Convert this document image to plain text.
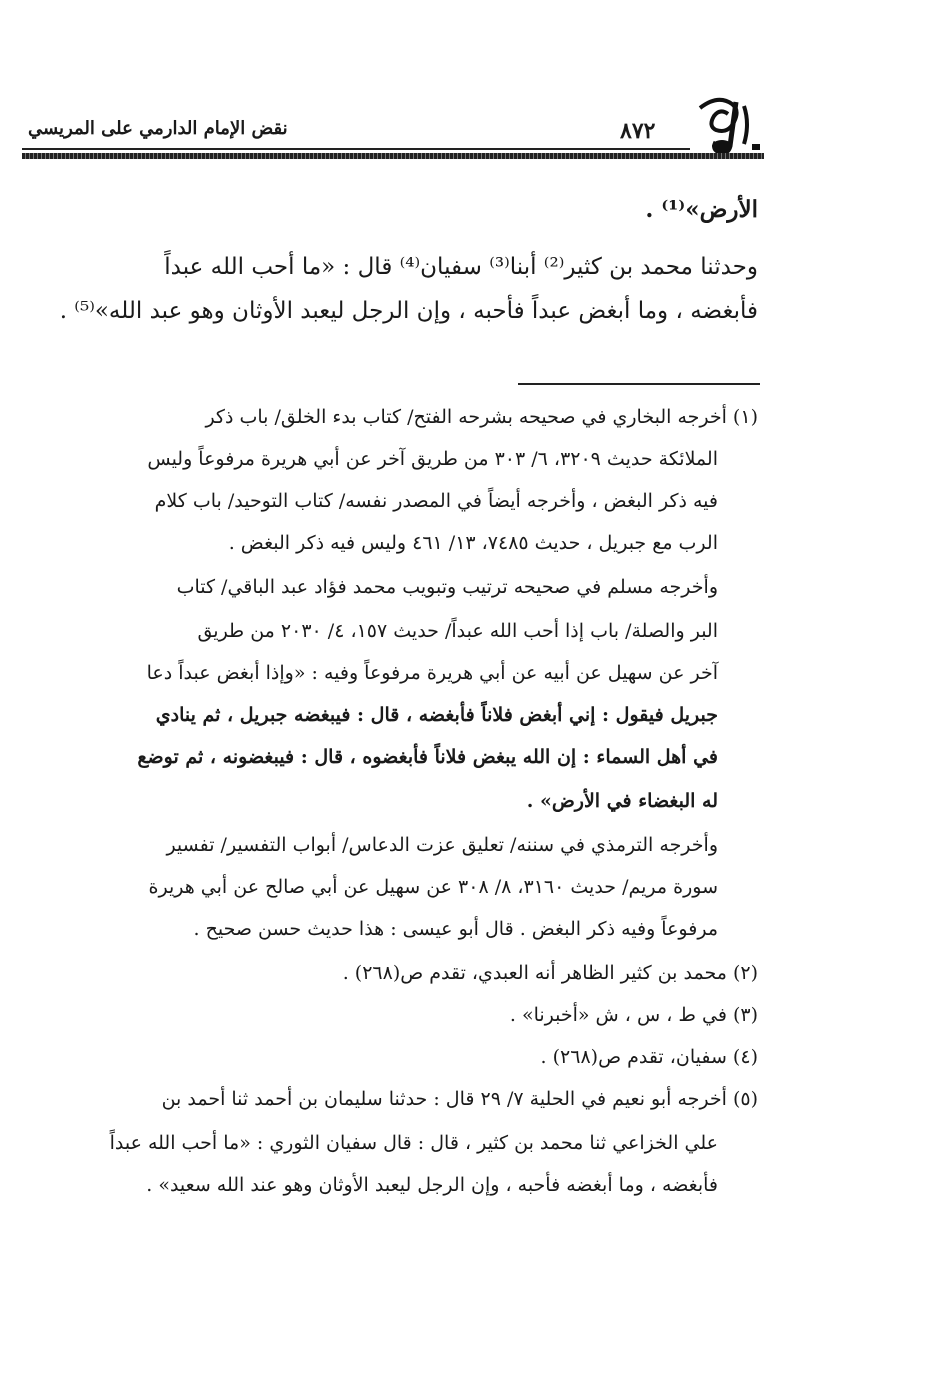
نقض الإمام الدارمي على المريسي	٨٧٢
الأرض»⁽¹⁾ .
وحدثنا محمد بن كثير⁽²⁾ أبنا⁽³⁾ سفيان⁽⁴⁾ قال : «ما أحب الله عبداً
فأبغضه ، وما أبغض عبداً فأحبه ، وإن الرجل ليعبد الأوثان وهو عبد الله»⁽⁵⁾ .
(١) أخرجه البخاري في صحيحه بشرحه الفتح/ كتاب بدء الخلق/ باب ذكر
الملائكة حديث ٣٢٠٩، ٦/ ٣٠٣ من طريق آخر عن أبي هريرة مرفوعاً وليس
فيه ذكر البغض ، وأخرجه أيضاً في المصدر نفسه/ كتاب التوحيد/ باب كلام
الرب مع جبريل ، حديث ٧٤٨٥، ١٣/ ٤٦١ وليس فيه ذكر البغض .
وأخرجه مسلم في صحيحه ترتيب وتبويب محمد فؤاد عبد الباقي/ كتاب
البر والصلة/ باب إذا أحب الله عبداً/ حديث ١٥٧، ٤/ ٢٠٣٠ من طريق
آخر عن سهيل عن أبيه عن أبي هريرة مرفوعاً وفيه : «وإذا أبغض عبداً دعا
جبريل فيقول : إني أبغض فلاناً فأبغضه ، قال : فيبغضه جبريل ، ثم ينادي
في أهل السماء : إن الله يبغض فلاناً فأبغضوه ، قال : فيبغضونه ، ثم توضع
له البغضاء في الأرض» .
وأخرجه الترمذي في سننه/ تعليق عزت الدعاس/ أبواب التفسير/ تفسير
سورة مريم/ حديث ٣١٦٠، ٨/ ٣٠٨ عن سهيل عن أبي صالح عن أبي هريرة
مرفوعاً وفيه ذكر البغض . قال أبو عيسى : هذا حديث حسن صحيح .
(٢) محمد بن كثير الظاهر أنه العبدي، تقدم ص(٢٦٨) .
(٣) في ط ، س ، ش «أخبرنا» .
(٤) سفيان، تقدم ص(٢٦٨) .
(٥) أخرجه أبو نعيم في الحلية ٧/ ٢٩ قال : حدثنا سليمان بن أحمد ثنا أحمد بن
علي الخزاعي ثنا محمد بن كثير ، قال : قال سفيان الثوري : «ما أحب الله عبداً
فأبغضه ، وما أبغضه فأحبه ، وإن الرجل ليعبد الأوثان وهو عند الله سعيد» .
